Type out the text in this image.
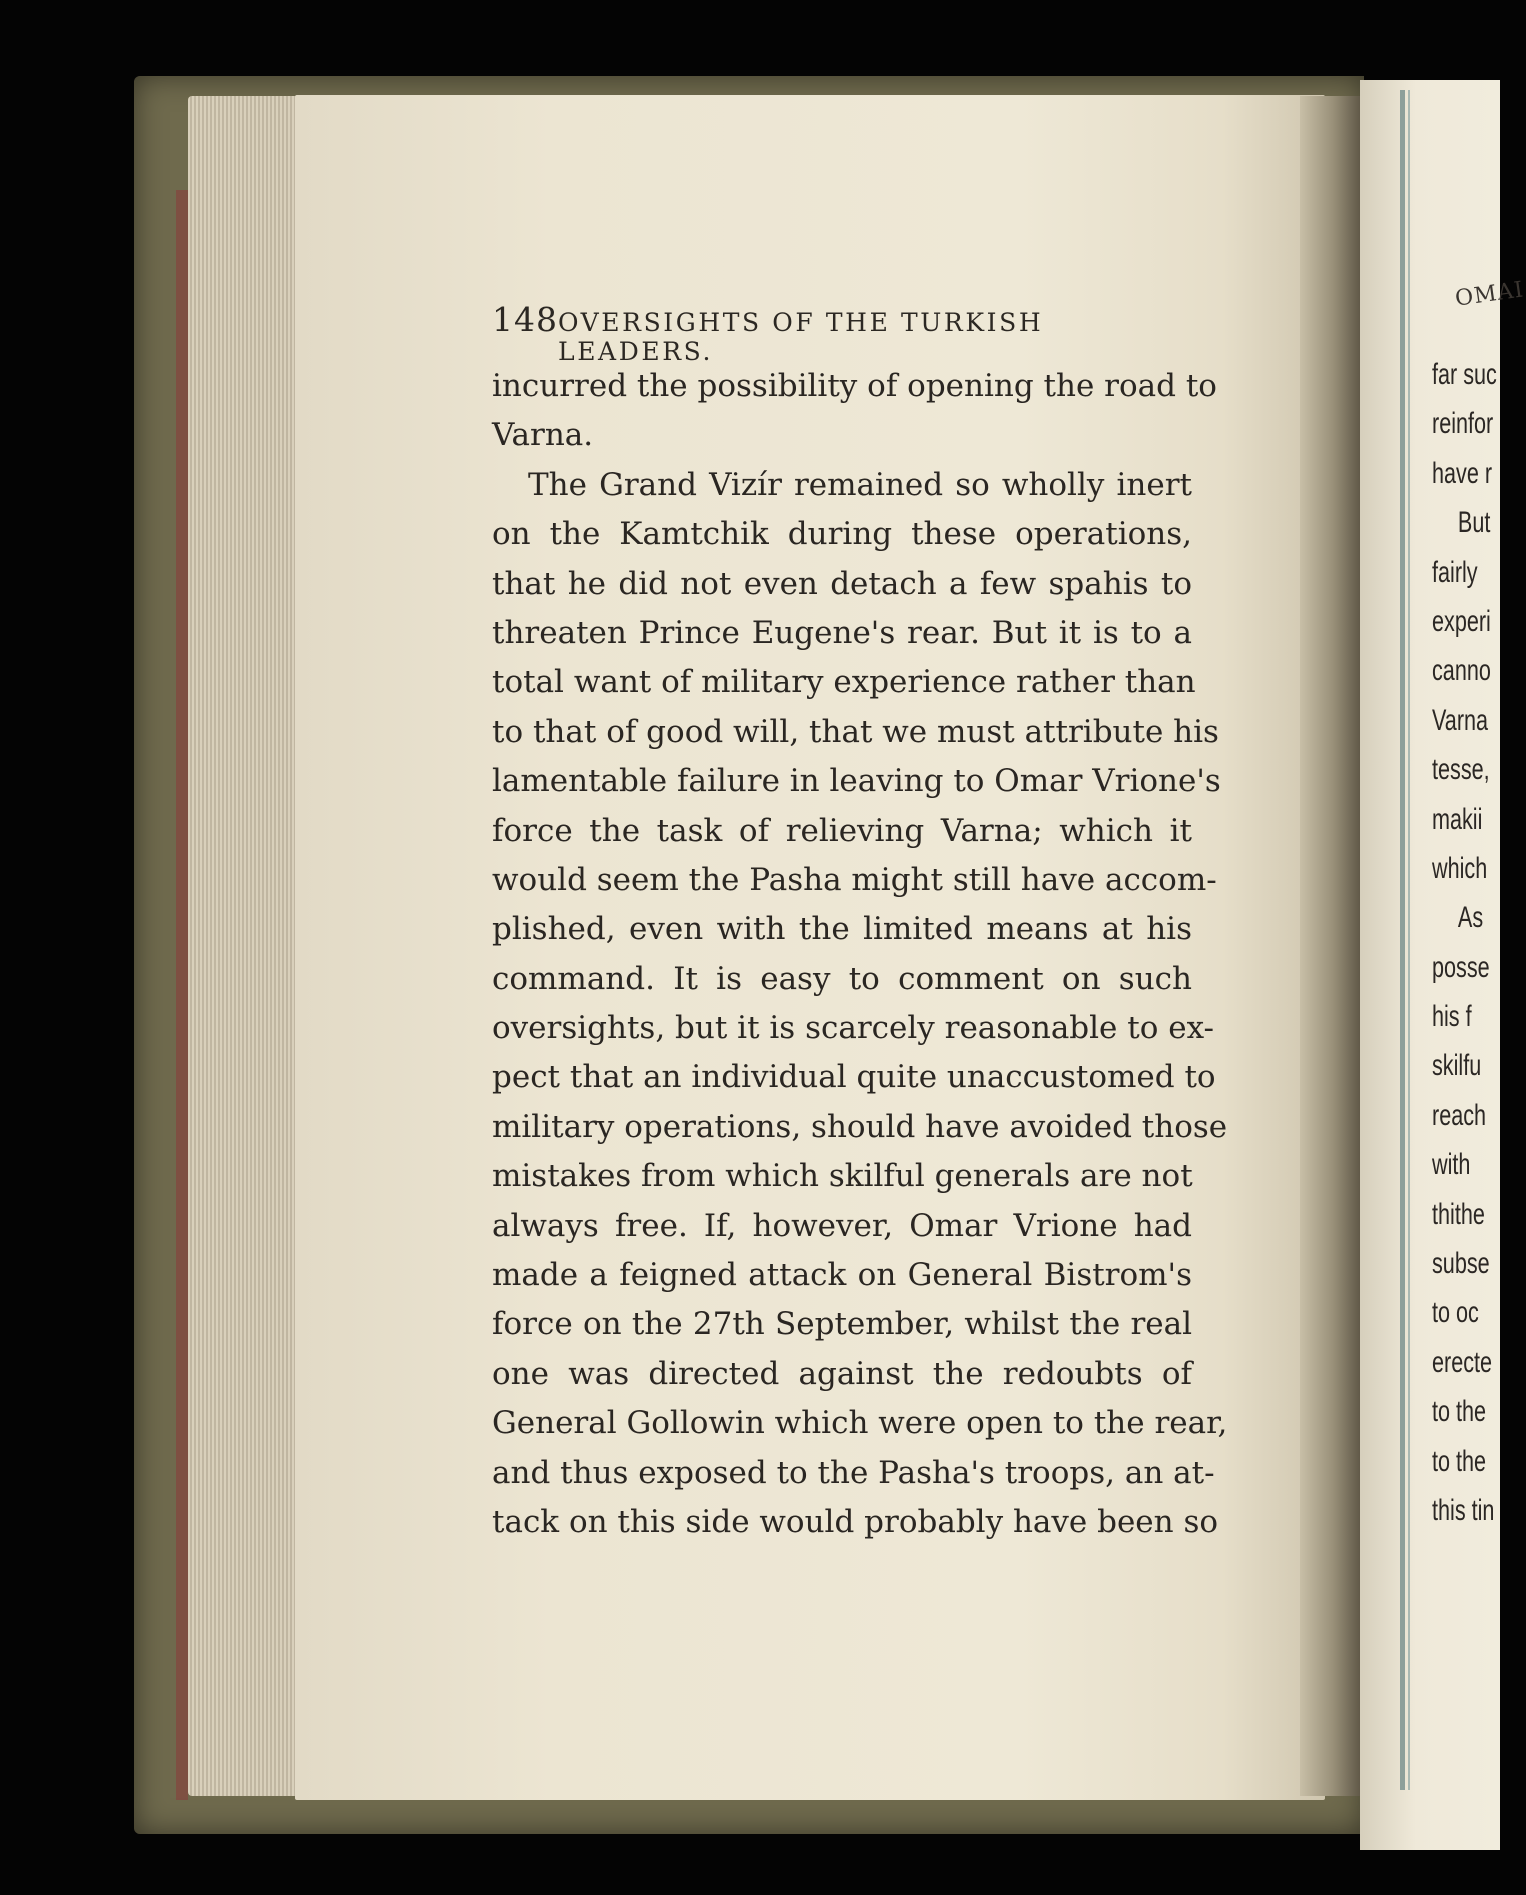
148 OVERSIGHTS OF THE TURKISH LEADERS.
incurred the possibility of opening the road to
Varna.
The Grand Vizír remained so wholly inert
on the Kamtchik during these operations,
that he did not even detach a few spahis to
threaten Prince Eugene's rear. But it is to a
total want of military experience rather than
to that of good will, that we must attribute his
lamentable failure in leaving to Omar Vrione's
force the task of relieving Varna; which it
would seem the Pasha might still have accom-
plished, even with the limited means at his
command. It is easy to comment on such
oversights, but it is scarcely reasonable to ex-
pect that an individual quite unaccustomed to
military operations, should have avoided those
mistakes from which skilful generals are not
always free. If, however, Omar Vrione had
made a feigned attack on General Bistrom's
force on the 27th September, whilst the real
one was directed against the redoubts of
General Gollowin which were open to the rear,
and thus exposed to the Pasha's troops, an at-
tack on this side would probably have been so
OMAI
far suc
reinfor
have r
But
fairly
experi
canno
Varna
tesse,
makii
which
As
posse
his f
skilfu
reach
with
thithe
subse
to oc
erecte
to the
to the
this tin
